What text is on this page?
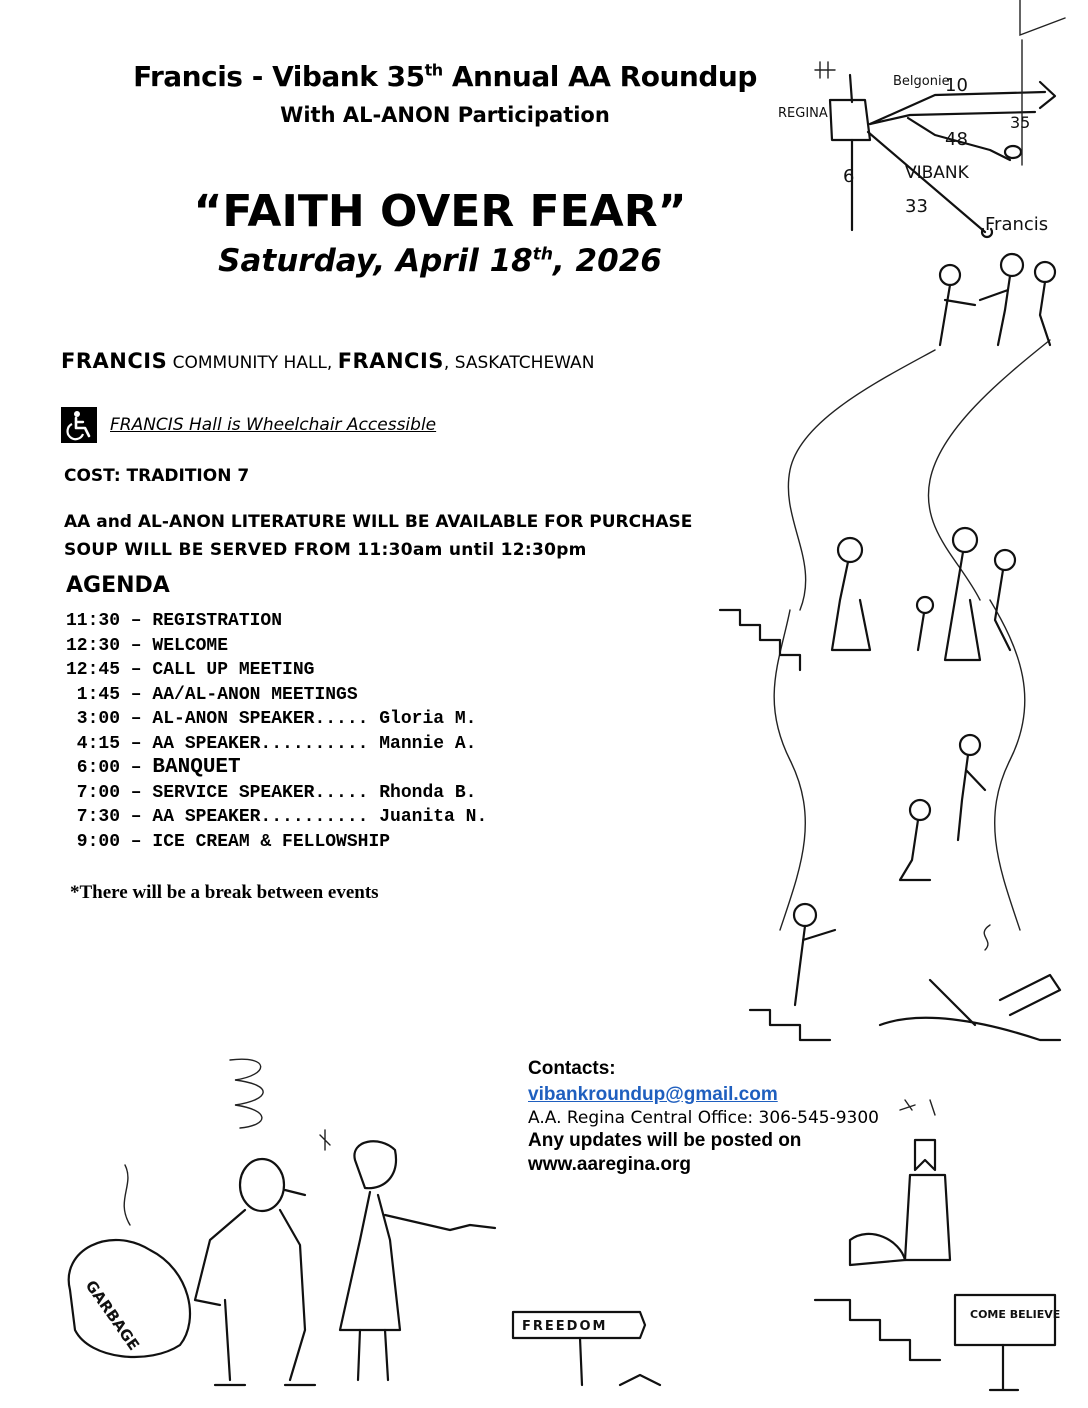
REGINA
Belgonie
10
35
48
VIBANK
6
33
Francis
GARBAGE	FREEDOM
COME BELIEVE
Francis - Vibank 35th Annual AA Roundup
With AL-ANON Participation
“FAITH OVER FEAR”
Saturday, April 18th, 2026
FRANCIS COMMUNITY HALL, FRANCIS, SASKATCHEWAN
FRANCIS Hall is Wheelchair Accessible
COST: TRADITION 7
AA and AL-ANON LITERATURE WILL BE AVAILABLE FOR PURCHASE
SOUP WILL BE SERVED FROM 11:30am until 12:30pm
AGENDA
11:30 – REGISTRATION
12:30 – WELCOME
12:45 – CALL UP MEETING
1:45 – AA/AL-ANON MEETINGS
3:00 – AL-ANON SPEAKER..... Gloria M.
4:15 – AA SPEAKER.......... Mannie A.
6:00 – BANQUET
7:00 – SERVICE SPEAKER..... Rhonda B.
7:30 – AA SPEAKER.......... Juanita N.
9:00 – ICE CREAM & FELLOWSHIP
*There will be a break between events
Contacts:
vibankroundup@gmail.com
A.A. Regina Central Office: 306-545-9300
Any updates will be posted on
www.aaregina.org
